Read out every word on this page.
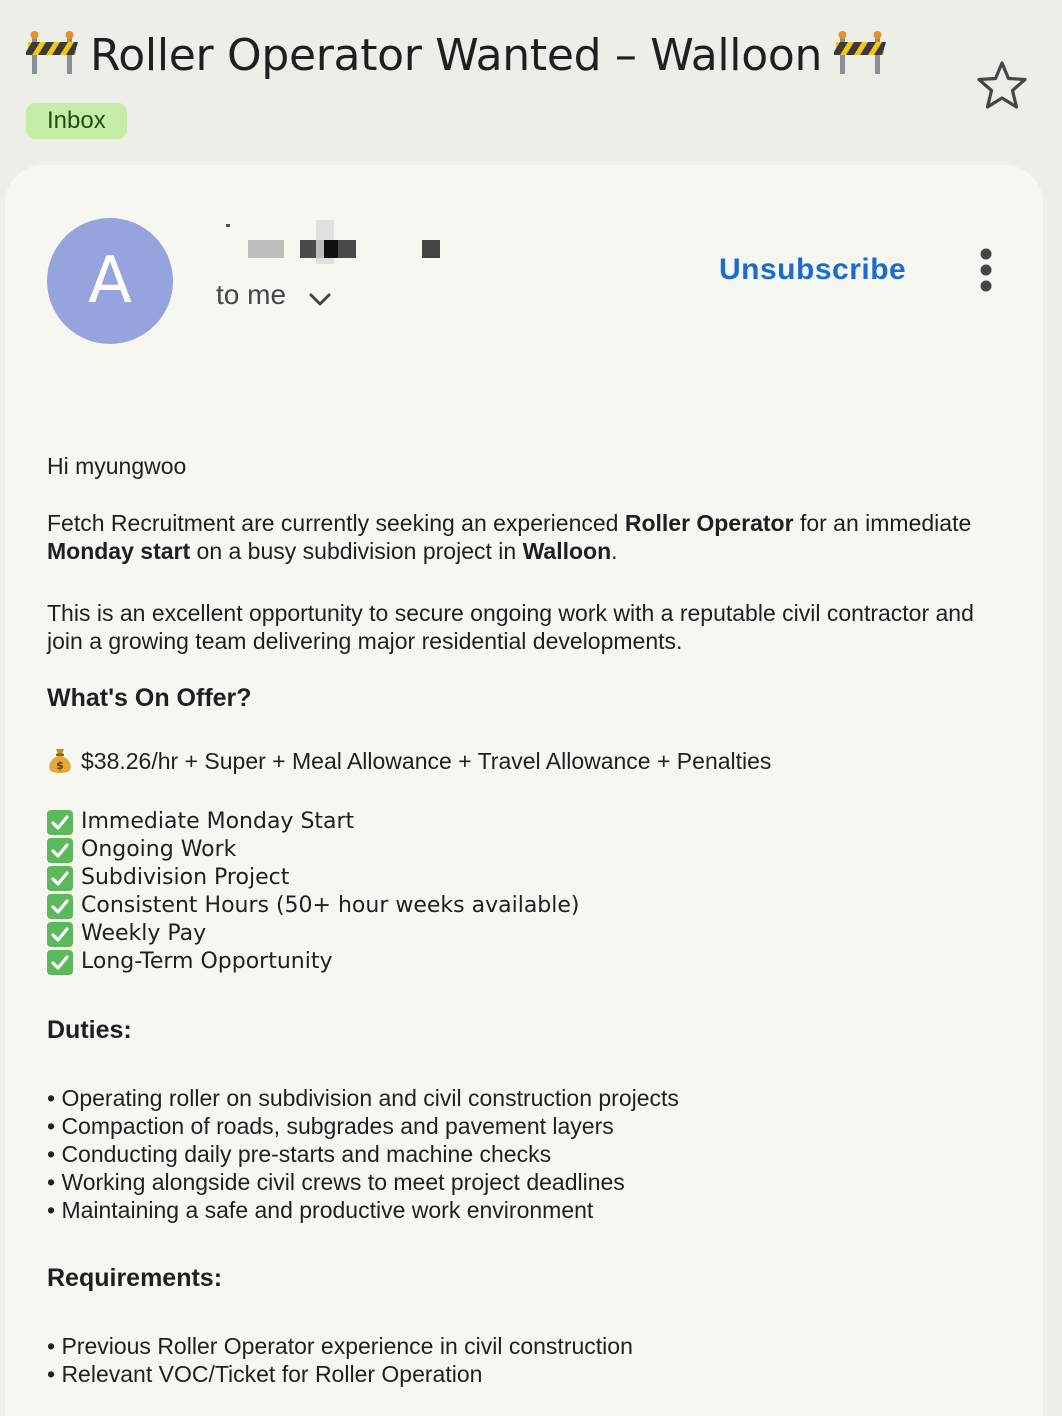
Roller Operator Wanted – Walloon
Inbox
A	to me
Unsubscribe

Hi myungwoo

Fetch Recruitment are currently seeking an experienced Roller Operator for an immediate
Monday start on a busy subdivision project in Walloon.

This is an excellent opportunity to secure ongoing work with a reputable civil contractor and join a growing team delivering major residential developments.

What's On Offer?
$ $38.26/hr + Super + Meal Allowance + Travel Allowance + Penalties
Immediate Monday Start
Ongoing Work
Subdivision Project
Consistent Hours (50+ hour weeks available)
Weekly Pay
Long-Term Opportunity
Duties:
• Operating roller on subdivision and civil construction projects
• Compaction of roads, subgrades and pavement layers
• Conducting daily pre-starts and machine checks
• Working alongside civil crews to meet project deadlines
• Maintaining a safe and productive work environment
Requirements:
• Previous Roller Operator experience in civil construction
• Relevant VOC/Ticket for Roller Operation
